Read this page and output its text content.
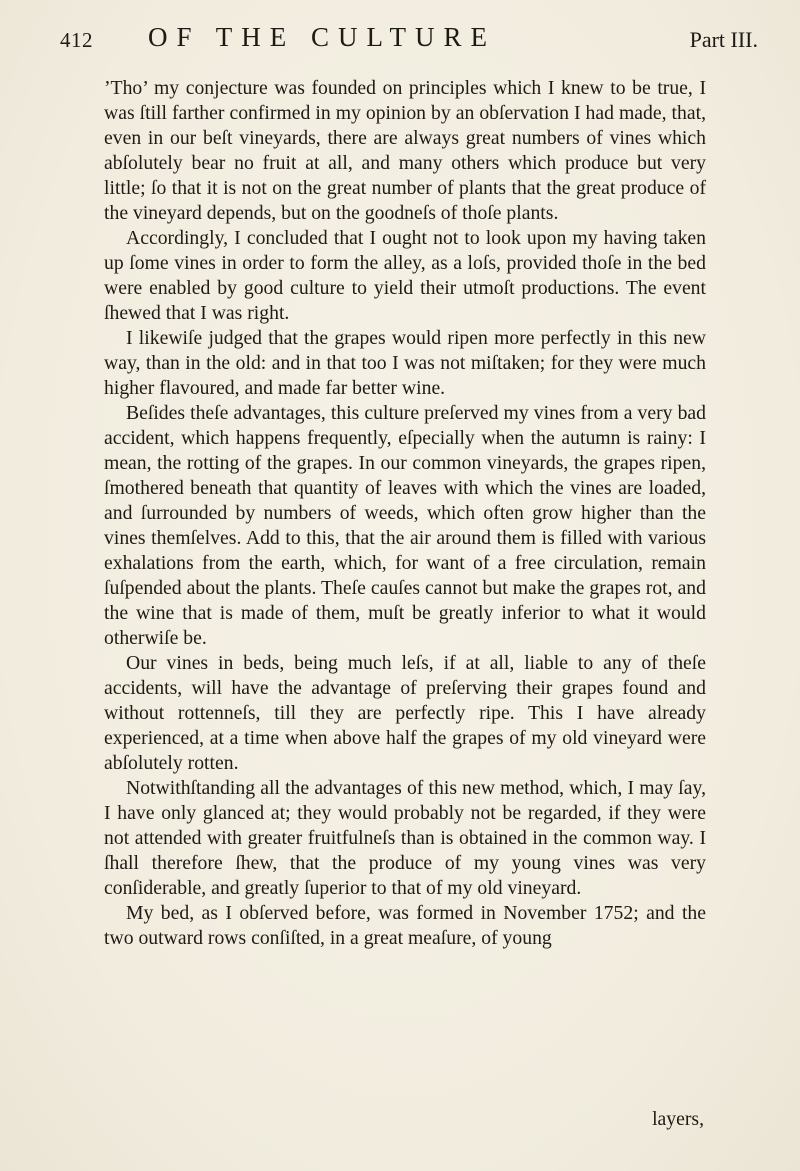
412 OF THE CULTURE	Part III.

’Tho’ my conjecture was founded on principles which I knew to be true, I was ſtill farther confirmed in my opinion by an obſervation I had made, that, even in our beſt vineyards, there are always great numbers of vines which abſolutely bear no fruit at all, and many others which produce but very little; ſo that it is not on the great number of plants that the great produce of the vineyard depends, but on the goodneſs of thoſe plants.

Accordingly, I concluded that I ought not to look upon my having taken up ſome vines in order to form the alley, as a loſs, provided thoſe in the bed were enabled by good culture to yield their utmoſt productions. The event ſhewed that I was right.

I likewiſe judged that the grapes would ripen more perfectly in this new way, than in the old: and in that too I was not miſtaken; for they were much higher flavoured, and made far better wine.

Beſides theſe advantages, this culture preſerved my vines from a very bad accident, which happens frequently, eſpecially when the autumn is rainy: I mean, the rotting of the grapes. In our common vineyards, the grapes ripen, ſmothered beneath that quantity of leaves with which the vines are loaded, and ſurrounded by numbers of weeds, which often grow higher than the vines themſelves. Add to this, that the air around them is filled with various exhalations from the earth, which, for want of a free circulation, remain ſuſpended about the plants. Theſe cauſes cannot but make the grapes rot, and the wine that is made of them, muſt be greatly inferior to what it would otherwiſe be.

Our vines in beds, being much leſs, if at all, liable to any of theſe accidents, will have the advantage of preſerving their grapes found and without rottenneſs, till they are perfectly ripe. This I have already experienced, at a time when above half the grapes of my old vineyard were abſolutely rotten.

Notwithſtanding all the advantages of this new method, which, I may ſay, I have only glanced at; they would probably not be regarded, if they were not attended with greater fruitfulneſs than is obtained in the common way. I ſhall therefore ſhew, that the produce of my young vines was very conſiderable, and greatly ſuperior to that of my old vineyard.

My bed, as I obſerved before, was formed in November 1752; and the two outward rows conſiſted, in a great meaſure, of young

layers,
